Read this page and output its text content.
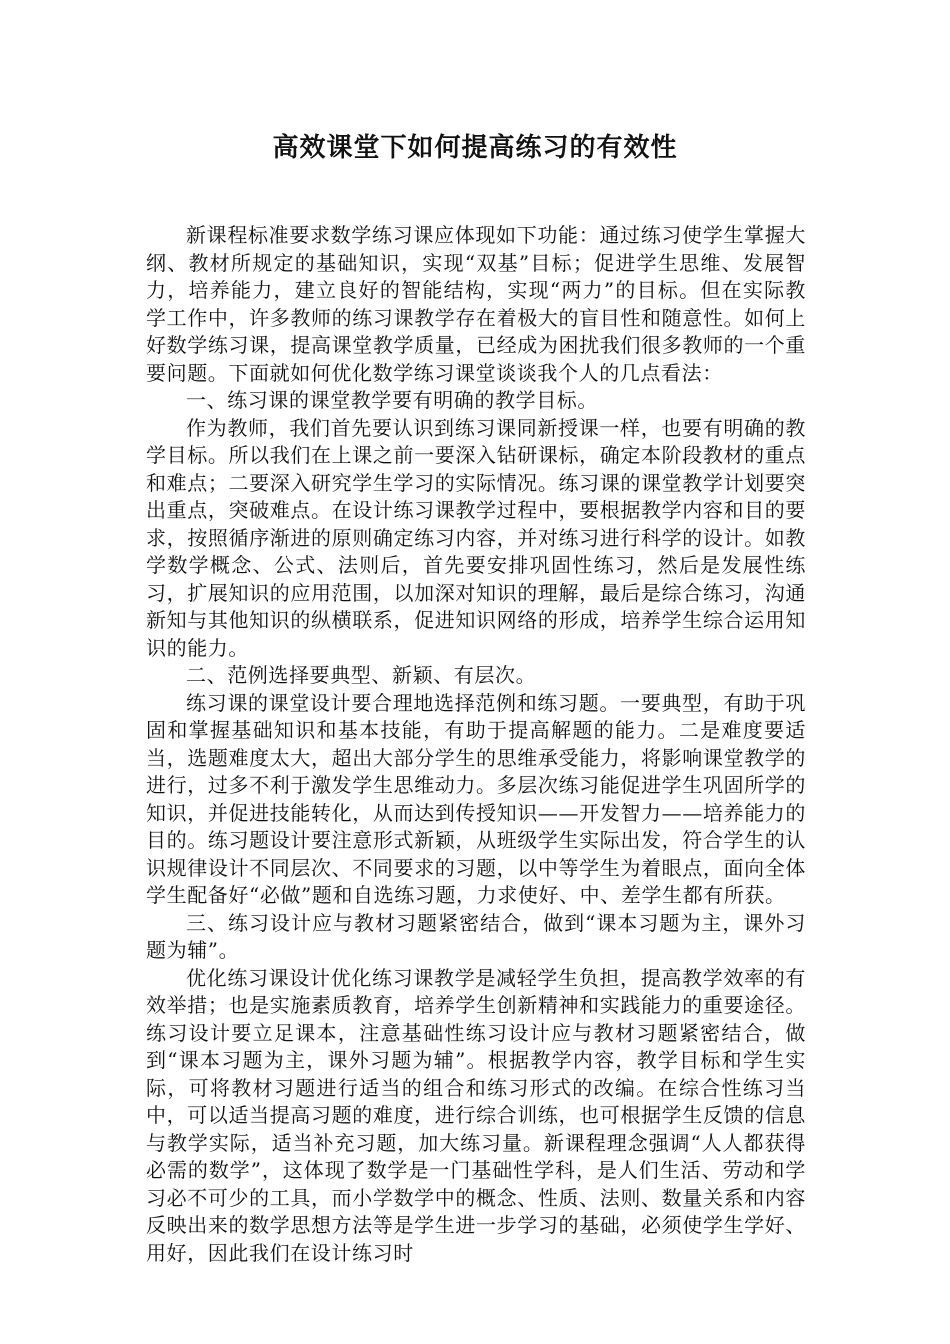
高效课堂下如何提高练习的有效性

新课程标准要求数学练习课应体现如下功能：通过练习使学生掌握大纲、教材所规定的基础知识，实现“双基”目标；促进学生思维、发展智力，培养能力，建立良好的智能结构，实现“两力”的目标。但在实际教学工作中，许多教师的练习课教学存在着极大的盲目性和随意性。如何上好数学练习课，提高课堂教学质量，已经成为困扰我们很多教师的一个重要问题。下面就如何优化数学练习课堂谈谈我个人的几点看法：

一、练习课的课堂教学要有明确的教学目标。

作为教师，我们首先要认识到练习课同新授课一样，也要有明确的教学目标。所以我们在上课之前一要深入钻研课标，确定本阶段教材的重点和难点；二要深入研究学生学习的实际情况。练习课的课堂教学计划要突出重点，突破难点。在设计练习课教学过程中，要根据教学内容和目的要求，按照循序渐进的原则确定练习内容，并对练习进行科学的设计。如教学数学概念、公式、法则后，首先要安排巩固性练习，然后是发展性练习，扩展知识的应用范围，以加深对知识的理解，最后是综合练习，沟通新知与其他知识的纵横联系，促进知识网络的形成，培养学生综合运用知识的能力。

二、范例选择要典型、新颖、有层次。

练习课的课堂设计要合理地选择范例和练习题。一要典型，有助于巩固和掌握基础知识和基本技能，有助于提高解题的能力。二是难度要适当，选题难度太大，超出大部分学生的思维承受能力，将影响课堂教学的进行，过多不利于激发学生思维动力。多层次练习能促进学生巩固所学的知识，并促进技能转化，从而达到传授知识——开发智力——培养能力的目的。练习题设计要注意形式新颖，从班级学生实际出发，符合学生的认识规律设计不同层次、不同要求的习题，以中等学生为着眼点，面向全体学生配备好“必做”题和自选练习题，力求使好、中、差学生都有所获。

三、练习设计应与教材习题紧密结合，做到“课本习题为主，课外习题为辅”。

优化练习课设计优化练习课教学是减轻学生负担，提高教学效率的有效举措；也是实施素质教育，培养学生创新精神和实践能力的重要途径。练习设计要立足课本，注意基础性练习设计应与教材习题紧密结合，做到“课本习题为主，课外习题为辅”。根据教学内容，教学目标和学生实际，可将教材习题进行适当的组合和练习形式的改编。在综合性练习当中，可以适当提高习题的难度，进行综合训练，也可根据学生反馈的信息与教学实际，适当补充习题，加大练习量。新课程理念强调“人人都获得必需的数学”，这体现了数学是一门基础性学科，是人们生活、劳动和学习必不可少的工具，而小学数学中的概念、性质、法则、数量关系和内容反映出来的数学思想方法等是学生进一步学习的基础，必须使学生学好、用好，因此我们在设计练习时
